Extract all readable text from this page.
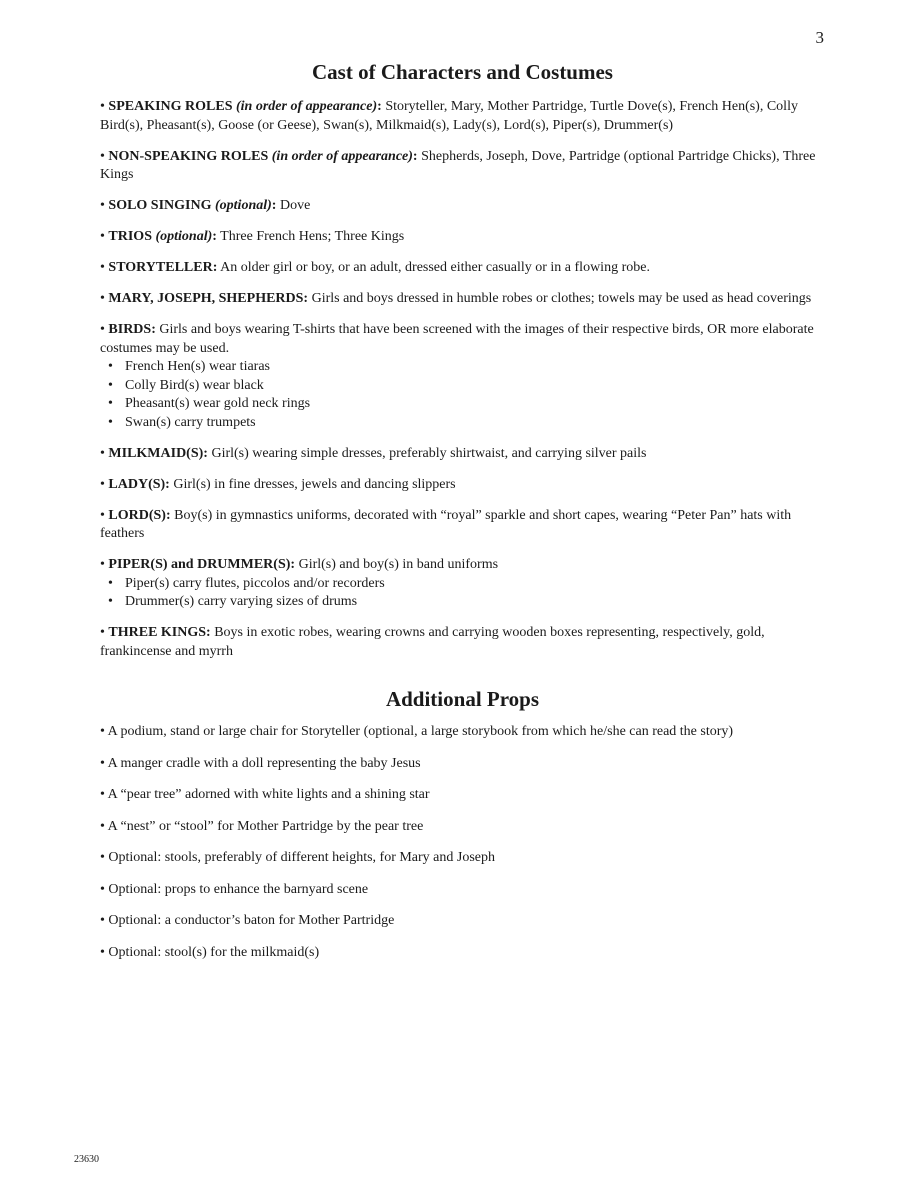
3
Cast of Characters and Costumes

• SPEAKING ROLES (in order of appearance): Storyteller, Mary, Mother Partridge, Turtle Dove(s), French Hen(s), Colly Bird(s), Pheasant(s), Goose (or Geese), Swan(s), Milkmaid(s), Lady(s), Lord(s), Piper(s), Drummer(s)

• NON-SPEAKING ROLES (in order of appearance): Shepherds, Joseph, Dove, Partridge (optional Partridge Chicks), Three Kings

• SOLO SINGING (optional): Dove

• TRIOS (optional): Three French Hens; Three Kings

• STORYTELLER: An older girl or boy, or an adult, dressed either casually or in a flowing robe.

• MARY, JOSEPH, SHEPHERDS: Girls and boys dressed in humble robes or clothes; towels may be used as head coverings

• BIRDS: Girls and boys wearing T-shirts that have been screened with the images of their respective birds, OR more elaborate costumes may be used.
• French Hen(s) wear tiaras
• Colly Bird(s) wear black
• Pheasant(s) wear gold neck rings
• Swan(s) carry trumpets

• MILKMAID(S): Girl(s) wearing simple dresses, preferably shirtwaist, and carrying silver pails

• LADY(S): Girl(s) in fine dresses, jewels and dancing slippers

• LORD(S): Boy(s) in gymnastics uniforms, decorated with “royal” sparkle and short capes, wearing “Peter Pan” hats with feathers

• PIPER(S) and DRUMMER(S): Girl(s) and boy(s) in band uniforms
• Piper(s) carry flutes, piccolos and/or recorders
• Drummer(s) carry varying sizes of drums

• THREE KINGS: Boys in exotic robes, wearing crowns and carrying wooden boxes representing, respectively, gold, frankincense and myrrh

Additional Props

• A podium, stand or large chair for Storyteller (optional, a large storybook from which he/she can read the story)

• A manger cradle with a doll representing the baby Jesus

• A “pear tree” adorned with white lights and a shining star

• A “nest” or “stool” for Mother Partridge by the pear tree

• Optional: stools, preferably of different heights, for Mary and Joseph

• Optional: props to enhance the barnyard scene

• Optional: a conductor’s baton for Mother Partridge

• Optional: stool(s) for the milkmaid(s)

23630
